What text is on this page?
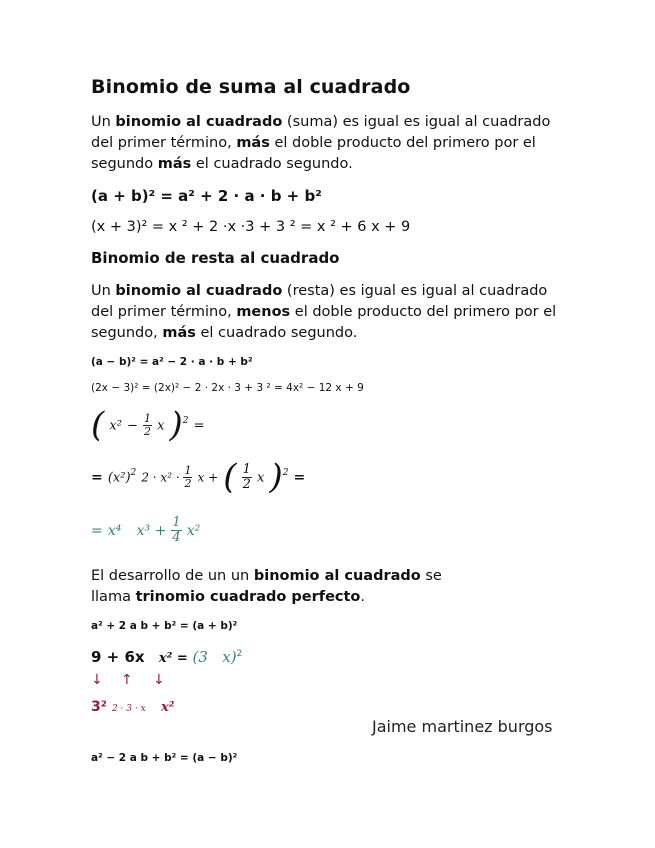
Binomio de suma al cuadrado

Un binomio al cuadrado (suma) es igual es igual al cuadrado del primer término, más el doble producto del primero por el segundo más el cuadrado segundo.

(a + b)² = a² + 2 · a · b + b²
(x + 3)² = x ² + 2 ·x ·3 + 3 ² = x ² + 6 x + 9
Binomio de resta al cuadrado

Un binomio al cuadrado (resta) es igual es igual al cuadrado del primer término, menos el doble producto del primero por el segundo, más el cuadrado segundo.

(a − b)² = a² − 2 · a · b + b²
(2x − 3)² = (2x)² − 2 · 2x · 3 + 3 ² = 4x² − 12 x + 9
( $x^2 - \frac{1}{2}$ x )$^2$ =
= $(x^2)^2$ $2 \cdot x^2 \cdot \frac{1}{2}$ x + ( $\frac{1}{2}$ x )$^2$ =
= x⁴ $x^3 + \frac{1}{4} x^2$

El desarrollo de un un binomio al cuadrado se llama trinomio cuadrado perfecto.

a² + 2 a b + b² = (a + b)²
9 + 6x x² = (3 x)$^2$
↓ ↑ ↓
3² 2 · 3 · x x²
Jaime martinez burgos
a² − 2 a b + b² = (a − b)²
